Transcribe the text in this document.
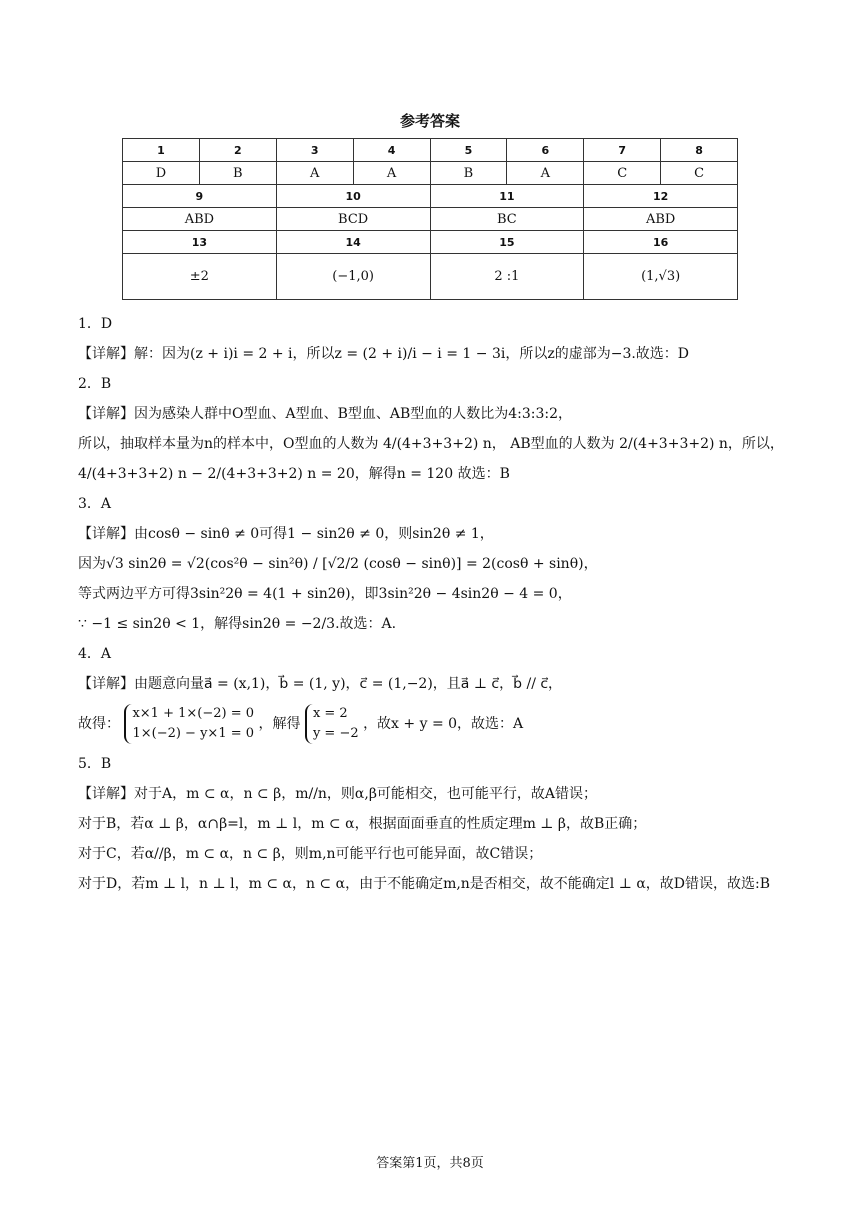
参考答案
1	2	3	4	5	6	7	8
D	B	A	A	B	A	C	C
9		10		11		12	
ABD		BCD		BC		ABD	
13		14		15		16	
±2		(−1,0)		2 :1		(1,√3)	
1．D
【详解】解：因为(z + i)i = 2 + i，所以z = (2 + i)/i − i = 1 − 3i，所以z的虚部为−3.故选：D
2．B
【详解】因为感染人群中O型血、A型血、B型血、AB型血的人数比为4:3:3:2，
所以，抽取样本量为n的样本中，O型血的人数为 4/(4+3+3+2) n， AB型血的人数为 2/(4+3+3+2) n，所以，
4/(4+3+3+2) n − 2/(4+3+3+2) n = 20，解得n = 120 故选：B
3．A
【详解】由cosθ − sinθ ≠ 0可得1 − sin2θ ≠ 0，则sin2θ ≠ 1，
因为√3 sin2θ = √2(cos²θ − sin²θ) / [√2/2 (cosθ − sinθ)] = 2(cosθ + sinθ)，
等式两边平方可得3sin²2θ = 4(1 + sin2θ)，即3sin²2θ − 4sin2θ − 4 = 0，
∵ −1 ≤ sin2θ < 1，解得sin2θ = −2/3.故选：A.
4．A
【详解】由题意向量a⃗ = (x,1)，b⃗ = (1, y)，c⃗ = (1,−2)，且a⃗ ⊥ c⃗，b⃗ // c⃗，
故得：
x×1 + 1×(−2) = 0
1×(−2) − y×1 = 0
，解得
x = 2
y = −2
，故x + y = 0，故选：A
5．B
【详解】对于A，m ⊂ α，n ⊂ β，m//n，则α,β可能相交，也可能平行，故A错误；
对于B，若α ⊥ β，α∩β=l，m ⊥ l，m ⊂ α，根据面面垂直的性质定理m ⊥ β，故B正确；
对于C，若α//β，m ⊂ α，n ⊂ β，则m,n可能平行也可能异面，故C错误；
对于D，若m ⊥ l，n ⊥ l，m ⊂ α，n ⊂ α，由于不能确定m,n是否相交，故不能确定l ⊥ α，故D错误，故选:B
答案第1页，共8页
